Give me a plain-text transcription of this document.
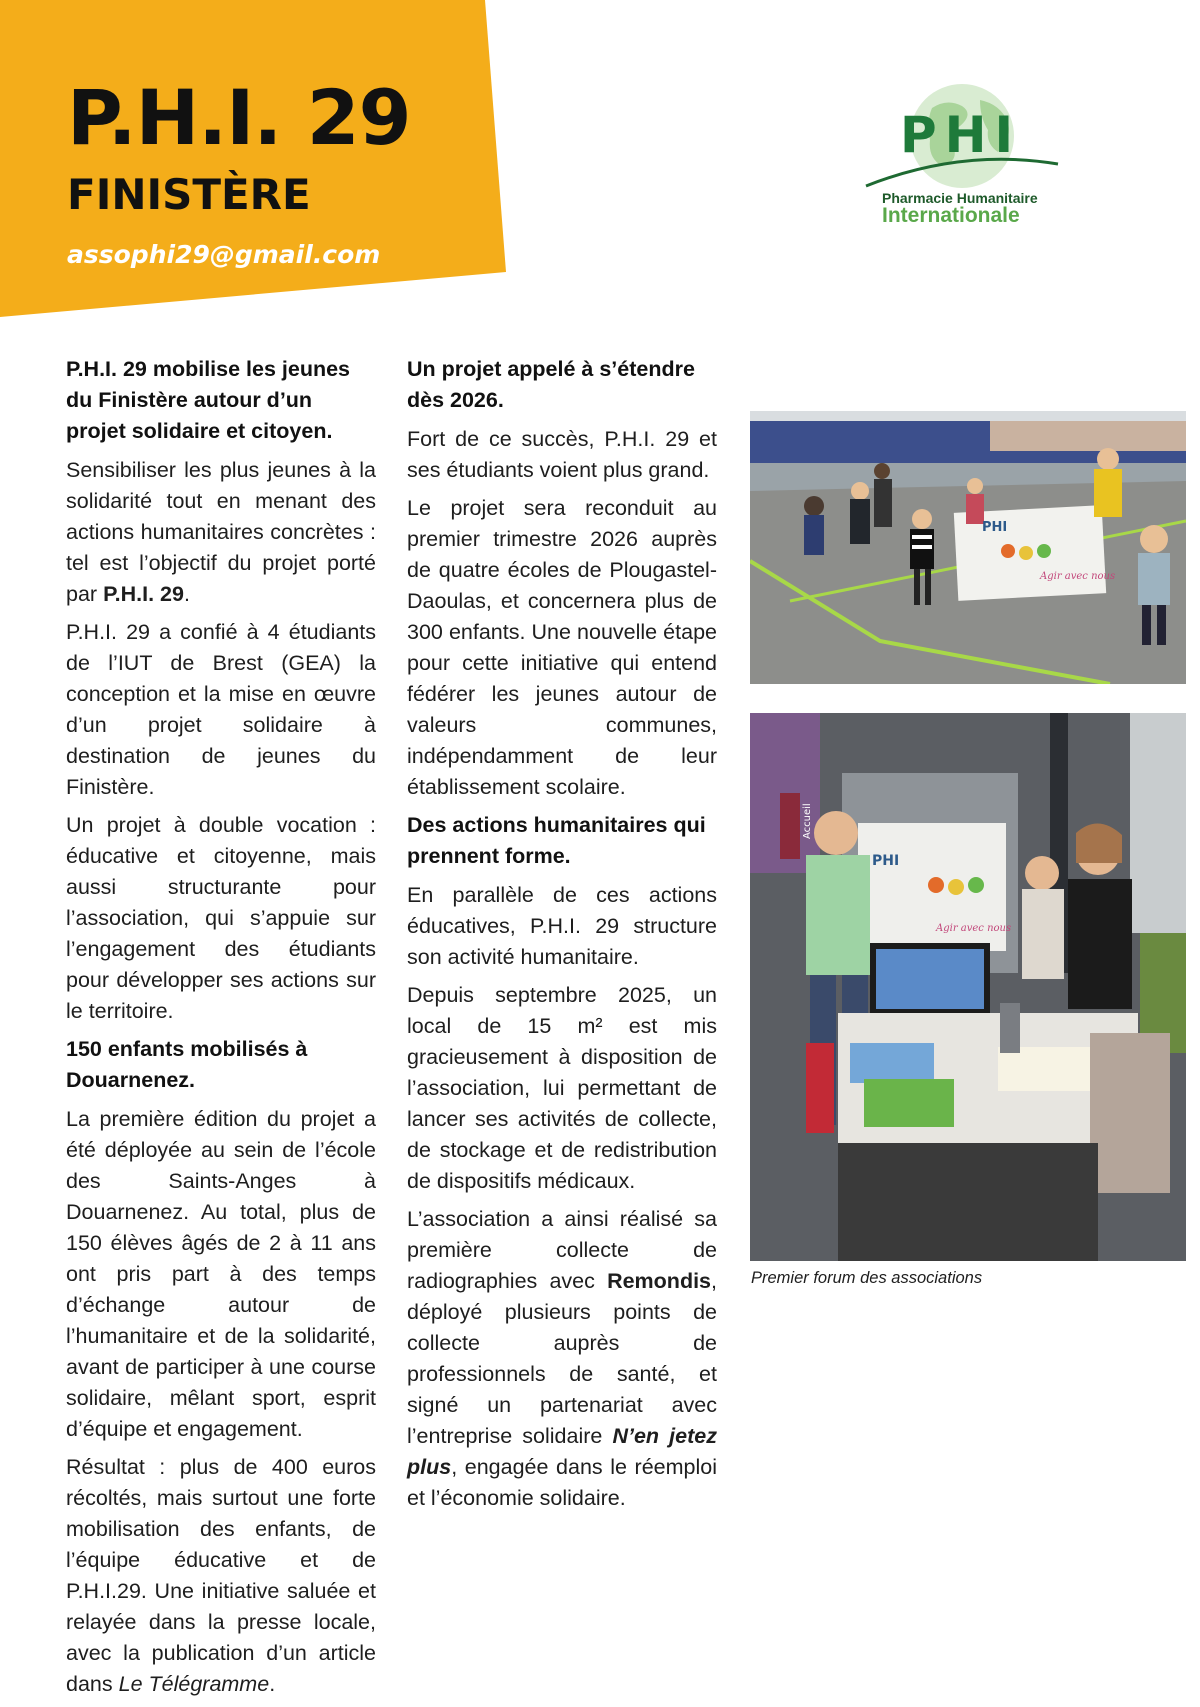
P.H.I. 29
FINISTÈRE
assophi29@gmail.com
PHI
Pharmacie Humanitaire
Internationale
P.H.I. 29 mobilise les jeunes du Finistère autour d’un projet solidaire et citoyen.

Sensibiliser les plus jeunes à la solidarité tout en menant des actions humanitaires concrètes : tel est l’objectif du projet porté par P.H.I. 29.

P.H.I. 29 a confié à 4 étudiants de l’IUT de Brest (GEA) la conception et la mise en œuvre d’un projet solidaire à destination de jeunes du Finistère.

Un projet à double vocation : éducative et citoyenne, mais aussi structurante pour l’association, qui s’appuie sur l’engagement des étudiants pour développer ses actions sur le territoire.

150 enfants mobilisés à Douarnenez.

La première édition du projet a été déployée au sein de l’école des Saints-Anges à Douarnenez. Au total, plus de 150 élèves âgés de 2 à 11 ans ont pris part à des temps d’échange autour de l’humanitaire et de la solidarité, avant de participer à une course solidaire, mêlant sport, esprit d’équipe et engagement.

Résultat : plus de 400 euros récoltés, mais surtout une forte mobilisation des enfants, de l’équipe éducative et de P.H.I.29. Une initiative saluée et relayée dans la presse locale, avec la publication d’un article dans Le Télégramme.

Un projet appelé à s’étendre dès 2026.

Fort de ce succès, P.H.I. 29 et ses étudiants voient plus grand.

Le projet sera reconduit au premier trimestre 2026 auprès de quatre écoles de Plougastel-Daoulas, et concernera plus de 300 enfants. Une nouvelle étape pour cette initiative qui entend fédérer les jeunes autour de valeurs communes, indépendamment de leur établissement scolaire.

Des actions humanitaires qui prennent forme.

En parallèle de ces actions éducatives, P.H.I. 29 structure son activité humanitaire.

Depuis septembre 2025, un local de 15 m² est mis gracieusement à disposition de l’association, lui permettant de lancer ses activités de collecte, de stockage et de redistribution de dispositifs médicaux.

L’association a ainsi réalisé sa première collecte de radiographies avec Remondis, déployé plusieurs points de collecte auprès de professionnels de santé, et signé un partenariat avec l’entreprise solidaire N’en jetez plus, engagée dans le réemploi et l’économie solidaire.

PHI
Agir avec nous
Accueil
PHI
Agir avec nous
Premier forum des associations
